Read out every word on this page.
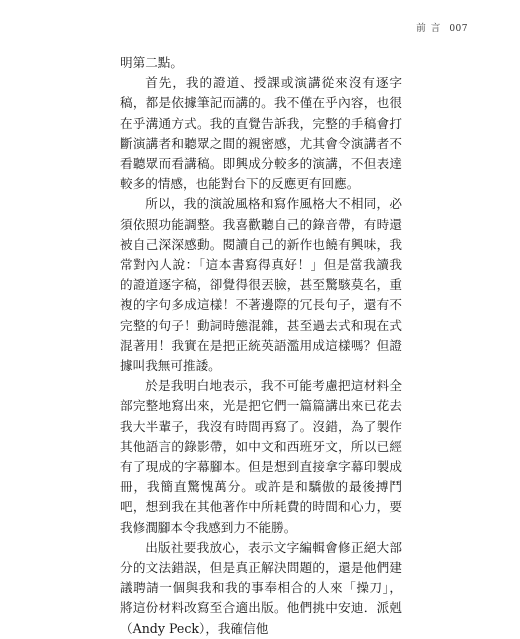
前 言 007

明第二點。

首先，我的證道、授課或演講從來沒有逐字稿，都是依據筆記而講的。我不僅在乎內容，也很在乎溝通方式。我的直覺告訴我，完整的手稿會打斷演講者和聽眾之間的親密感，尤其會令演講者不看聽眾而看講稿。即興成分較多的演講，不但表達較多的情感，也能對台下的反應更有回應。

所以，我的演說風格和寫作風格大不相同，必須依照功能調整。我喜歡聽自己的錄音帶，有時還被自己深深感動。閱讀自己的新作也饒有興味，我常對內人說：「這本書寫得真好！」但是當我讀我的證道逐字稿，卻覺得很丟臉，甚至驚駭莫名，重複的字句多成這樣！不著邊際的冗長句子，還有不完整的句子！動詞時態混雜，甚至過去式和現在式混著用！我實在是把正統英語濫用成這樣嗎？但證據叫我無可推諉。

於是我明白地表示，我不可能考慮把這材料全部完整地寫出來，光是把它們一篇篇講出來已花去我大半輩子，我沒有時間再寫了。沒錯，為了製作其他語言的錄影帶，如中文和西班牙文，所以已經有了現成的字幕腳本。但是想到直接拿字幕印製成冊，我簡直驚愧萬分。或許是和驕傲的最後搏鬥吧，想到我在其他著作中所耗費的時間和心力，要我修潤腳本令我感到力不能勝。

出版社要我放心，表示文字編輯會修正絕大部分的文法錯誤，但是真正解決問題的，還是他們建議聘請一個與我和我的事奉相合的人來「操刀」，將這份材料改寫至合適出版。他們挑中安迪．派剋（Andy Peck），我確信他
